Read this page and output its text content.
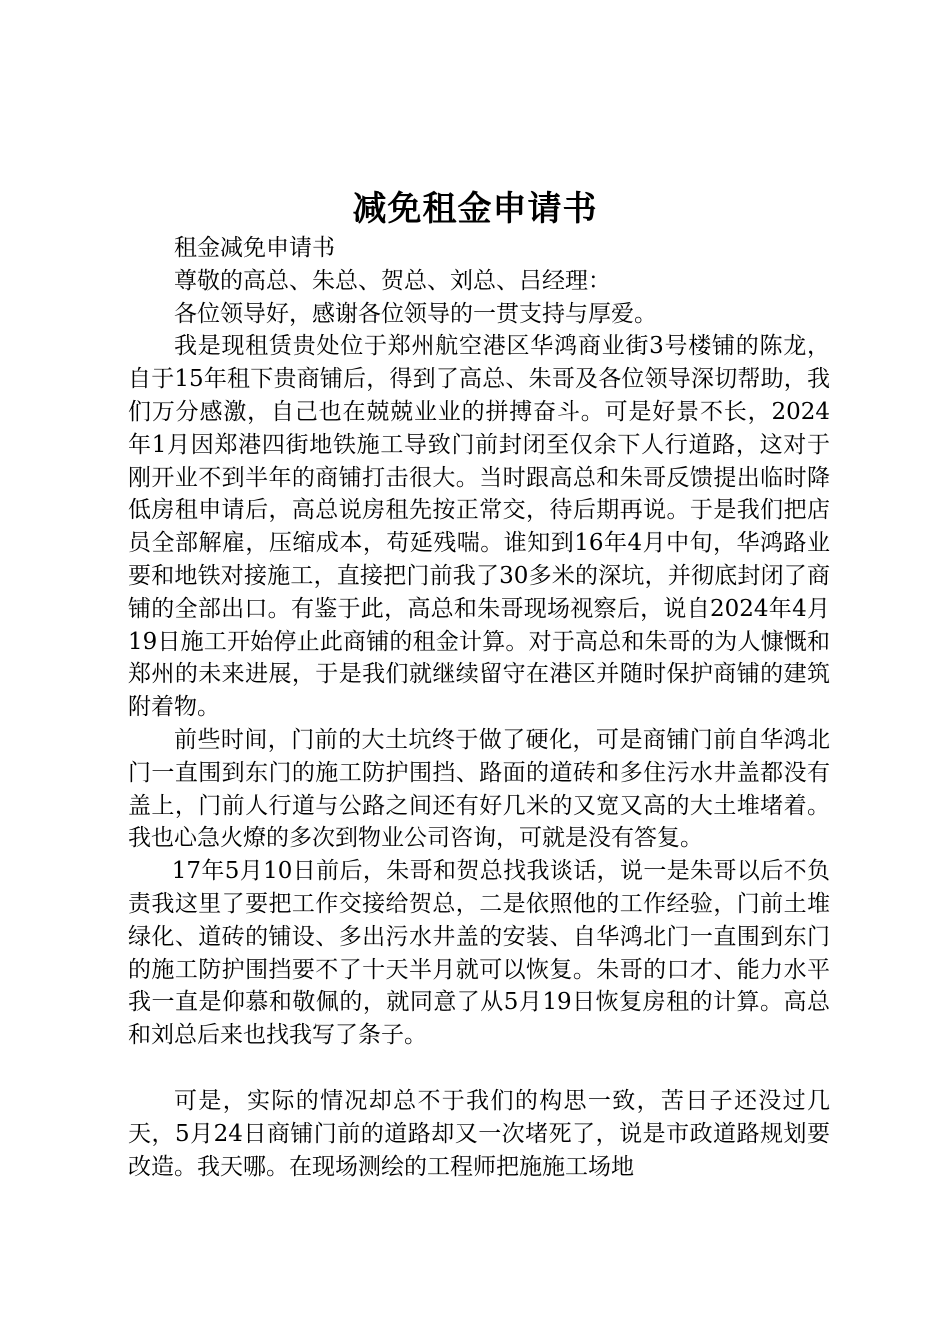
减免租金申请书

租金减免申请书

尊敬的高总、朱总、贺总、刘总、吕经理：

各位领导好，感谢各位领导的一贯支持与厚爱。

我是现租赁贵处位于郑州航空港区华鸿商业街3号楼铺的陈龙，自于15年租下贵商铺后，得到了高总、朱哥及各位领导深切帮助，我们万分感激，自己也在兢兢业业的拼搏奋斗。可是好景不长，2024年1月因郑港四街地铁施工导致门前封闭至仅余下人行道路，这对于刚开业不到半年的商铺打击很大。当时跟高总和朱哥反馈提出临时降低房租申请后，高总说房租先按正常交，待后期再说。于是我们把店员全部解雇，压缩成本，苟延残喘。谁知到16年4月中旬，华鸿路业要和地铁对接施工，直接把门前我了30多米的深坑，并彻底封闭了商铺的全部出口。有鉴于此，高总和朱哥现场视察后，说自2024年4月19日施工开始停止此商铺的租金计算。对于高总和朱哥的为人慷慨和郑州的未来进展，于是我们就继续留守在港区并随时保护商铺的建筑附着物。

前些时间，门前的大土坑终于做了硬化，可是商铺门前自华鸿北门一直围到东门的施工防护围挡、路面的道砖和多住污水井盖都没有盖上，门前人行道与公路之间还有好几米的又宽又高的大土堆堵着。我也心急火燎的多次到物业公司咨询，可就是没有答复。

17年5月10日前后，朱哥和贺总找我谈话，说一是朱哥以后不负责我这里了要把工作交接给贺总，二是依照他的工作经验，门前土堆绿化、道砖的铺设、多出污水井盖的安装、自华鸿北门一直围到东门的施工防护围挡要不了十天半月就可以恢复。朱哥的口才、能力水平我一直是仰慕和敬佩的，就同意了从5月19日恢复房租的计算。高总和刘总后来也找我写了条子。

可是，实际的情况却总不于我们的构思一致，苦日子还没过几天，5月24日商铺门前的道路却又一次堵死了，说是市政道路规划要改造。我天哪。在现场测绘的工程师把施施工场地
